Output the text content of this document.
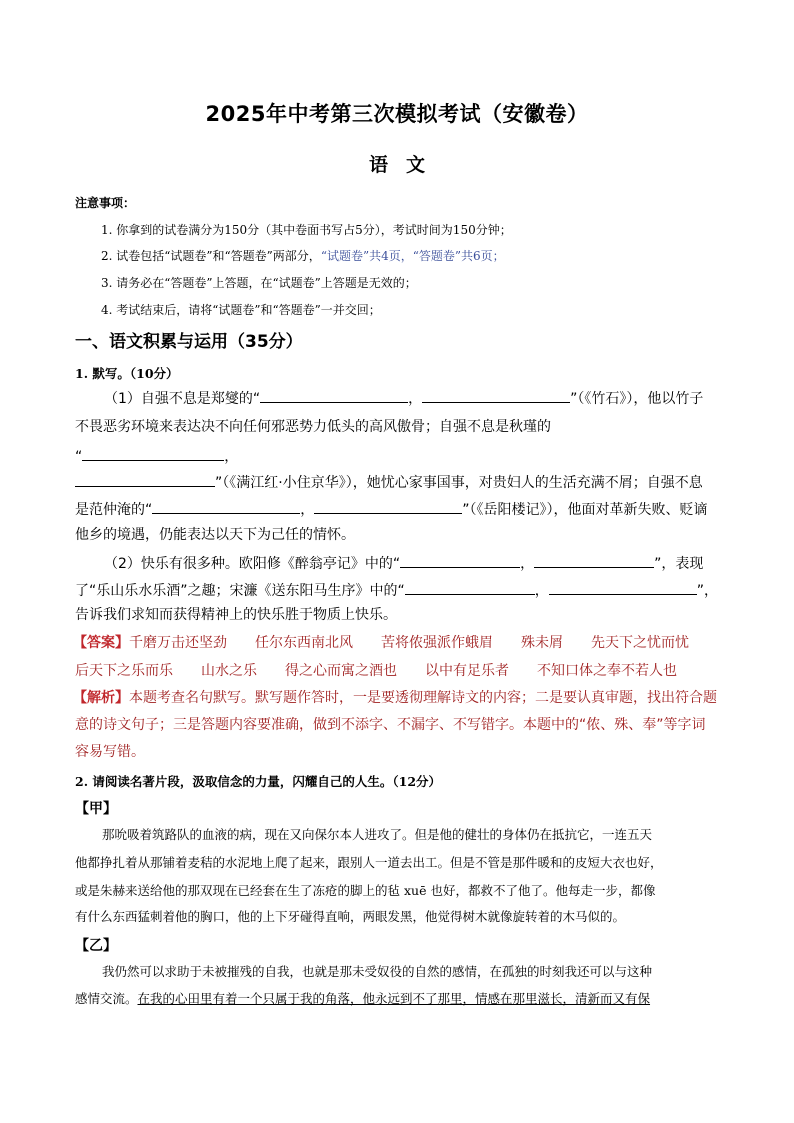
2025年中考第三次模拟考试（安徽卷）
语 文
注意事项：
1. 你拿到的试卷满分为150分（其中卷面书写占5分），考试时间为150分钟；
2. 试卷包括“试题卷”和“答题卷”两部分，“试题卷”共4页，“答题卷”共6页；
3. 请务必在“答题卷”上答题，在“试题卷”上答题是无效的；
4. 考试结束后，请将“试题卷”和“答题卷”一并交回；
一、语文积累与运用（35分）
1. 默写。（10分）
（1）自强不息是郑燮的“	，	”（《竹石》），他以竹子
不畏恶劣环境来表达决不向任何邪恶势力低头的高风傲骨；自强不息是秋瑾的
“	，
”（《满江红·小住京华》），她忧心家事国事，对贵妇人的生活充满不屑；自强不息
是范仲淹的“	，	”（《岳阳楼记》），他面对革新失败、贬谪
他乡的境遇，仍能表达以天下为己任的情怀。
（2）快乐有很多种。欧阳修《醉翁亭记》中的“	，	”，表现
了“乐山乐水乐酒”之趣；宋濂《送东阳马生序》中的“	，	”，
告诉我们求知而获得精神上的快乐胜于物质上快乐。
【答案】千磨万击还坚劲　　任尔东西南北风　　苦将侬强派作蛾眉　　殊未屑　　先天下之忧而忧
后天下之乐而乐　　山水之乐　　得之心而寓之酒也　　以中有足乐者　　不知口体之奉不若人也
【解析】本题考查名句默写。默写题作答时，一是要透彻理解诗文的内容；二是要认真审题，找出符合题
意的诗文句子；三是答题内容要准确，做到不添字、不漏字、不写错字。本题中的“侬、殊、奉”等字词
容易写错。
2. 请阅读名著片段，汲取信念的力量，闪耀自己的人生。（12分）
【甲】
那吮吸着筑路队的血液的病，现在又向保尔本人进攻了。但是他的健壮的身体仍在抵抗它，一连五天
他都挣扎着从那铺着麦秸的水泥地上爬了起来，跟别人一道去出工。但是不管是那件暖和的皮短大衣也好，
或是朱赫来送给他的那双现在已经套在生了冻疮的脚上的毡 xuē 也好，都救不了他了。他每走一步，都像
有什么东西猛刺着他的胸口，他的上下牙碰得直响，两眼发黑，他觉得树木就像旋转着的木马似的。
【乙】
我仍然可以求助于未被摧残的自我，也就是那未受奴役的自然的感情，在孤独的时刻我还可以与这种
感情交流。在我的心田里有着一个只属于我的角落，他永远到不了那里，情感在那里滋长，清新而又有保
